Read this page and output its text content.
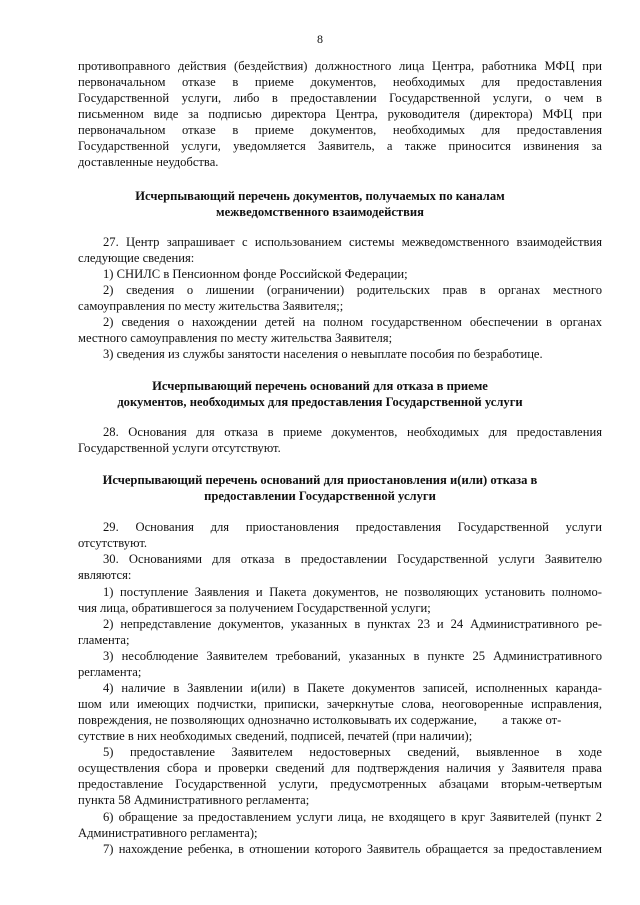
8
противоправного действия (бездействия) должностного лица Центра, работника МФЦ при
первоначальном отказе в приеме документов, необходимых для предоставления
Государственной услуги, либо в предоставлении Государственной услуги, о чем в
письменном виде за подписью директора Центра, руководителя (директора) МФЦ при
первоначальном отказе в приеме документов, необходимых для предоставления
Государственной услуги, уведомляется Заявитель, а также приносится извинения за
доставленные неудобства.
Исчерпывающий перечень документов, получаемых по каналам
межведомственного взаимодействия
27. Центр запрашивает с использованием системы межведомственного взаимодействия
следующие сведения:
1) СНИЛС в Пенсионном фонде Российской Федерации;
2) сведения о лишении (ограничении) родительских прав в органах местного
самоуправления по месту жительства Заявителя;;
2) сведения о нахождении детей на полном государственном обеспечении в органах
местного самоуправления по месту жительства Заявителя;
3) сведения из службы занятости населения о невыплате пособия по безработице.
Исчерпывающий перечень оснований для отказа в приеме
документов, необходимых для предоставления Государственной услуги
28. Основания для отказа в приеме документов, необходимых для предоставления
Государственной услуги отсутствуют.
Исчерпывающий перечень оснований для приостановления и(или) отказа в
предоставлении Государственной услуги
29. Основания для приостановления предоставления Государственной услуги
отсутствуют.
30. Основаниями для отказа в предоставлении Государственной услуги Заявителю
являются:
1) поступление Заявления и Пакета документов, не позволяющих установить полномо-
чия лица, обратившегося за получением Государственной услуги;
2) непредставление документов, указанных в пунктах 23 и 24 Административного ре-
гламента;
3) несоблюдение Заявителем требований, указанных в пункте 25 Административного
регламента;
4) наличие в Заявлении и(или) в Пакете документов записей, исполненных каранда-
шом или имеющих подчистки, приписки, зачеркнутые слова, неоговоренные исправления,
повреждения, не позволяющих однозначно истолковывать их содержание,        а также от-
сутствие в них необходимых сведений, подписей, печатей (при наличии);
5) предоставление Заявителем недостоверных сведений, выявленное в ходе
осуществления сбора и проверки сведений для подтверждения наличия у Заявителя права
предоставление Государственной услуги, предусмотренных абзацами вторым-четвертым
пункта 58 Административного регламента;
6) обращение за предоставлением услуги лица, не входящего в круг Заявителей (пункт 2
Административного регламента);
7) нахождение ребенка, в отношении которого Заявитель обращается за предоставлением
